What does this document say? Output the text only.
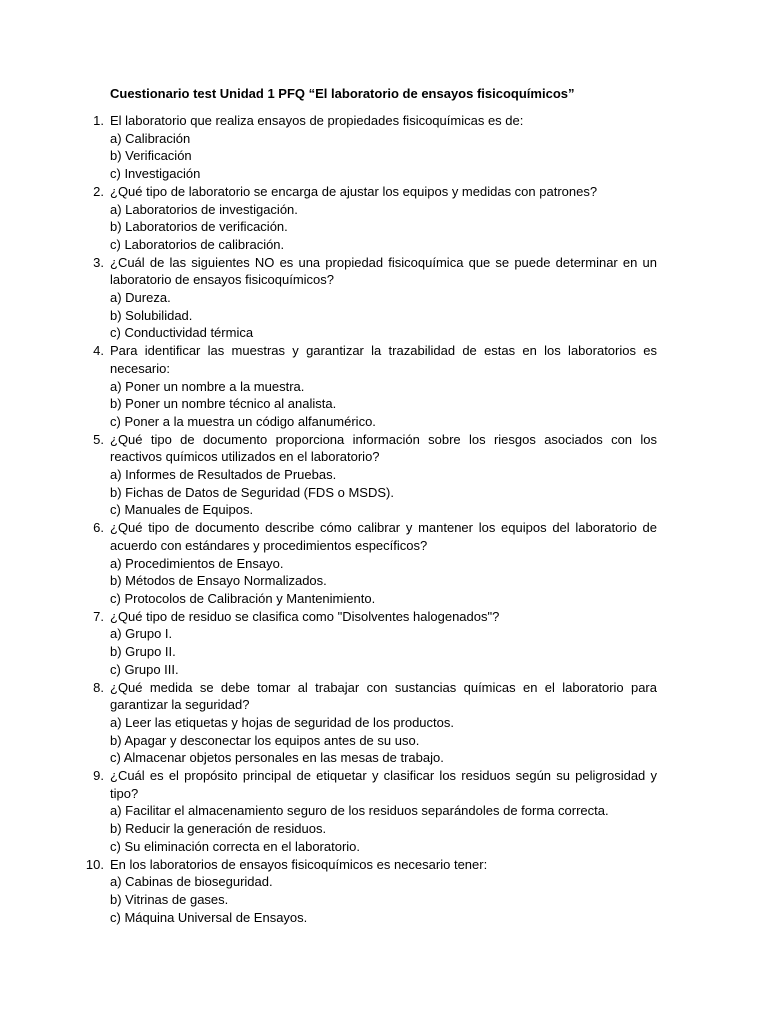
Cuestionario test Unidad 1 PFQ “El laboratorio de ensayos fisicoquímicos”
1. El laboratorio que realiza ensayos de propiedades fisicoquímicas es de:
a) Calibración
b) Verificación
c) Investigación
2. ¿Qué tipo de laboratorio se encarga de ajustar los equipos y medidas con patrones?
a) Laboratorios de investigación.
b) Laboratorios de verificación.
c) Laboratorios de calibración.
3. ¿Cuál de las siguientes NO es una propiedad fisicoquímica que se puede determinar en un laboratorio de ensayos fisicoquímicos?
a) Dureza.
b) Solubilidad.
c) Conductividad térmica
4. Para identificar las muestras y garantizar la trazabilidad de estas en los laboratorios es necesario:
a) Poner un nombre a la muestra.
b) Poner un nombre técnico al analista.
c) Poner a la muestra un código alfanumérico.
5. ¿Qué tipo de documento proporciona información sobre los riesgos asociados con los reactivos químicos utilizados en el laboratorio?
a) Informes de Resultados de Pruebas.
b) Fichas de Datos de Seguridad (FDS o MSDS).
c) Manuales de Equipos.
6. ¿Qué tipo de documento describe cómo calibrar y mantener los equipos del laboratorio de acuerdo con estándares y procedimientos específicos?
a) Procedimientos de Ensayo.
b) Métodos de Ensayo Normalizados.
c) Protocolos de Calibración y Mantenimiento.
7. ¿Qué tipo de residuo se clasifica como "Disolventes halogenados"?
a) Grupo I.
b) Grupo II.
c) Grupo III.
8. ¿Qué medida se debe tomar al trabajar con sustancias químicas en el laboratorio para garantizar la seguridad?
a) Leer las etiquetas y hojas de seguridad de los productos.
b) Apagar y desconectar los equipos antes de su uso.
c) Almacenar objetos personales en las mesas de trabajo.
9. ¿Cuál es el propósito principal de etiquetar y clasificar los residuos según su peligrosidad y tipo?
a) Facilitar el almacenamiento seguro de los residuos separándoles de forma correcta.
b) Reducir la generación de residuos.
c) Su eliminación correcta en el laboratorio.
10. En los laboratorios de ensayos fisicoquímicos es necesario tener:
a) Cabinas de bioseguridad.
b) Vitrinas de gases.
c) Máquina Universal de Ensayos.
